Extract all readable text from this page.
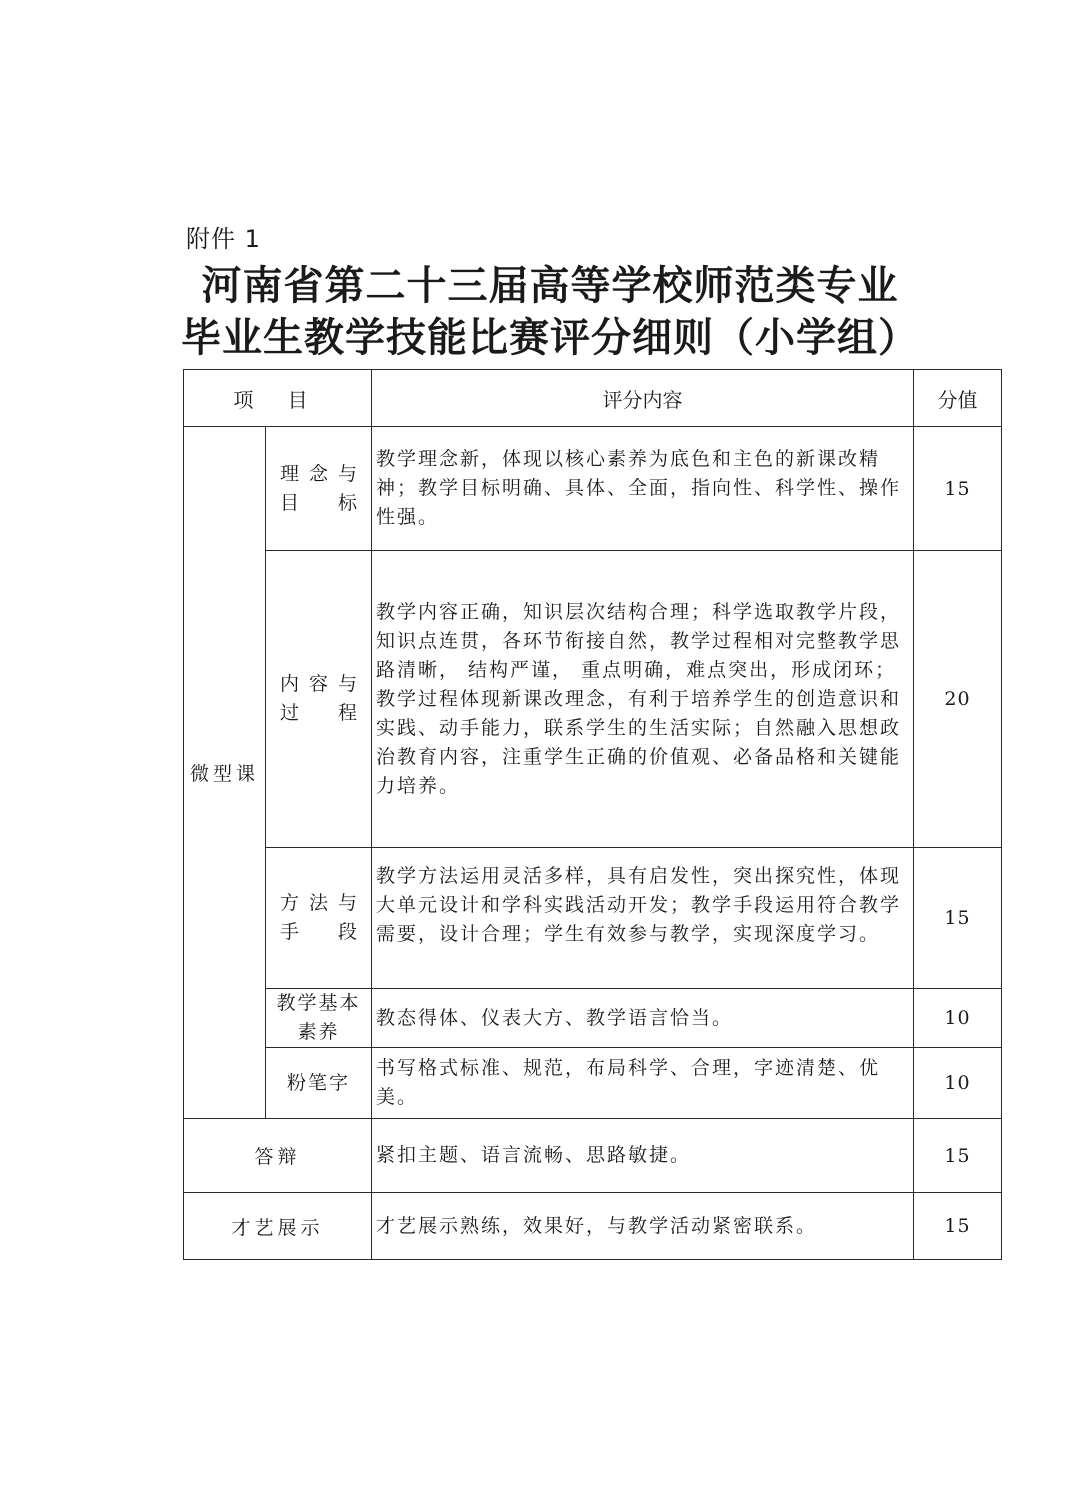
附件 1
河南省第二十三届高等学校师范类专业
毕业生教学技能比赛评分细则（小学组）
项 目		评分内容	分值
微型课	理 念 与 目 标	教学理念新，体现以核心素养为底色和主色的新课改精神；教学目标明确、具体、全面，指向性、科学性、操作性强。	15

	内 容 与 过 程	教学内容正确，知识层次结构合理；科学选取教学片段，知识点连贯，各环节衔接自然，教学过程相对完整教学思路清晰， 结构严谨， 重点明确，难点突出，形成闭环；教学过程体现新课改理念，有利于培养学生的创造意识和实践、动手能力，联系学生的生活实际；自然融入思想政治教育内容，注重学生正确的价值观、必备品格和关键能力培养。	20

	方 法 与 手 段	教学方法运用灵活多样，具有启发性，突出探究性，体现大单元设计和学科实践活动开发；教学手段运用符合教学需要，设计合理；学生有效参与教学，实现深度学习。	15
	教学基本素养	教态得体、仪表大方、教学语言恰当。	10
	粉笔字	书写格式标准、规范，布局科学、合理，字迹清楚、优美。	10
答辩		紧扣主题、语言流畅、思路敏捷。	15
才艺展示		才艺展示熟练，效果好，与教学活动紧密联系。	15
